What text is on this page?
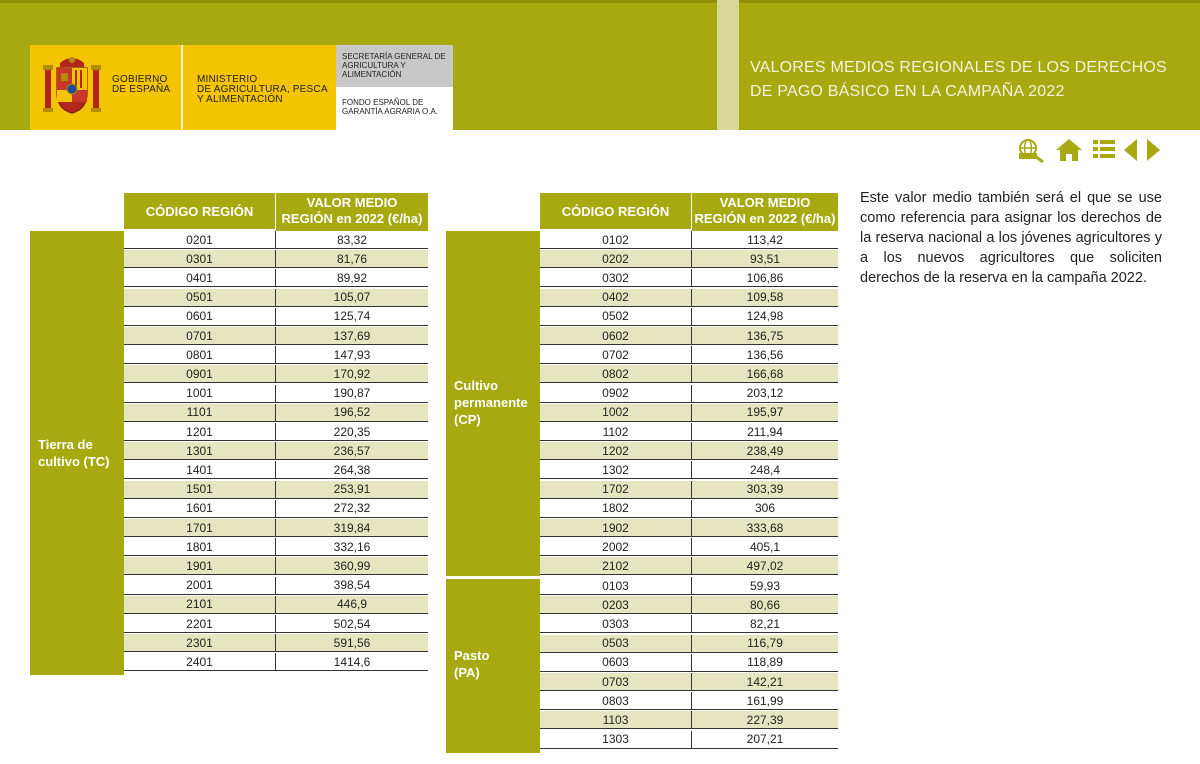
GOBIERNO
DE ESPAÑA
MINISTERIO
DE AGRICULTURA, PESCA
Y ALIMENTACIÓN
SECRETARÍA GENERAL DE
AGRICULTURA Y
ALIMENTACIÓN
FONDO ESPAÑOL DE
GARANTÍA AGRARIA O.A.
VALORES MEDIOS REGIONALES DE LOS DERECHOS
DE PAGO BÁSICO EN LA CAMPAÑA 2022
CÓDIGO REGIÓN
VALOR MEDIO
REGIÓN en 2022 (€/ha)
Tierra de
cultivo (TC)
0201	83,32
0301	81,76
0401	89,92
0501	105,07
0601	125,74
0701	137,69
0801	147,93
0901	170,92
1001	190,87
1101	196,52
1201	220,35
1301	236,57
1401	264,38
1501	253,91
1601	272,32
1701	319,84
1801	332,16
1901	360,99
2001	398,54
2101	446,9
2201	502,54
2301	591,56
2401	1414,6
CÓDIGO REGIÓN
VALOR MEDIO
REGIÓN en 2022 (€/ha)
Cultivo
permanente
(CP)
Pasto
(PA)
0102	113,42
0202	93,51
0302	106,86
0402	109,58
0502	124,98
0602	136,75
0702	136,56
0802	166,68
0902	203,12
1002	195,97
1102	211,94
1202	238,49
1302	248,4
1702	303,39
1802	306
1902	333,68
2002	405,1
2102	497,02
0103	59,93
0203	80,66
0303	82,21
0503	116,79
0603	118,89
0703	142,21
0803	161,99
1103	227,39
1303	207,21
Este valor medio también será el que se use como referencia para asignar los derechos de la reserva nacional a los jóvenes agricultores y a los nuevos agricultores que soliciten derechos de la reserva en la campaña 2022.
